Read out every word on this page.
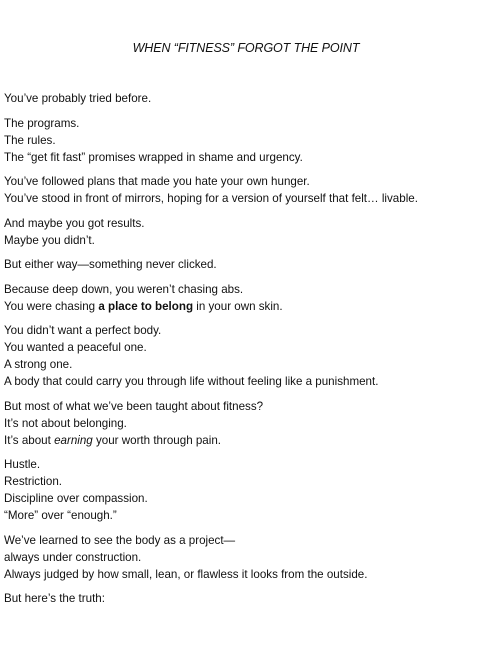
WHEN “FITNESS” FORGOT THE POINT

You’ve probably tried before.

The programs.
The rules.
The “get fit fast” promises wrapped in shame and urgency.

You’ve followed plans that made you hate your own hunger.
You’ve stood in front of mirrors, hoping for a version of yourself that felt… livable.

And maybe you got results.
Maybe you didn’t.

But either way—something never clicked.

Because deep down, you weren’t chasing abs.
You were chasing a place to belong in your own skin.

You didn’t want a perfect body.
You wanted a peaceful one.
A strong one.
A body that could carry you through life without feeling like a punishment.

But most of what we’ve been taught about fitness?
It’s not about belonging.
It’s about earning your worth through pain.

Hustle.
Restriction.
Discipline over compassion.
“More” over “enough.”

We’ve learned to see the body as a project—
always under construction.
Always judged by how small, lean, or flawless it looks from the outside.

But here’s the truth:
